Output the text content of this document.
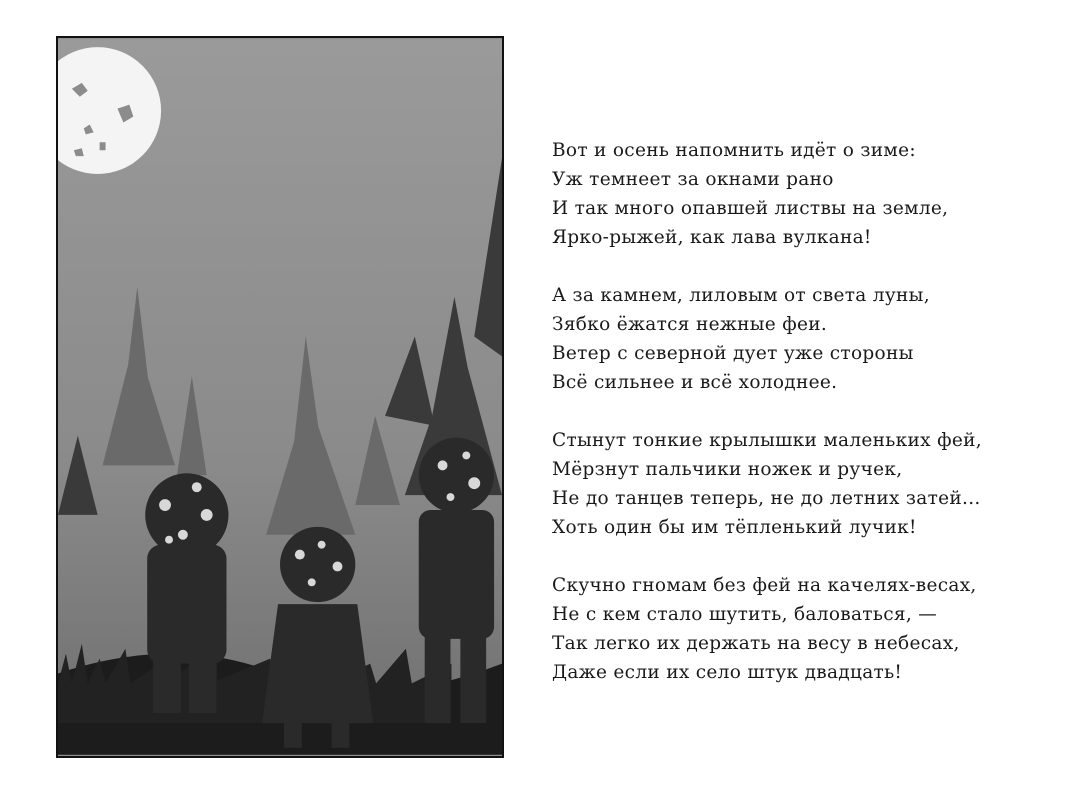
Вот и осень напомнить идёт о зиме:
Уж темнеет за окнами рано
И так много опавшей листвы на земле,
Ярко-рыжей, как лава вулкана!
А за камнем, лиловым от света луны,
Зябко ёжатся нежные феи.
Ветер с северной дует уже стороны
Всё сильнее и всё холоднее.
Стынут тонкие крылышки маленьких фей,
Мёрзнут пальчики ножек и ручек,
Не до танцев теперь, не до летних затей...
Хоть один бы им тёпленький лучик!
Скучно гномам без фей на качелях-весах,
Не с кем стало шутить, баловаться, —
Так легко их держать на весу в небесах,
Даже если их село штук двадцать!
